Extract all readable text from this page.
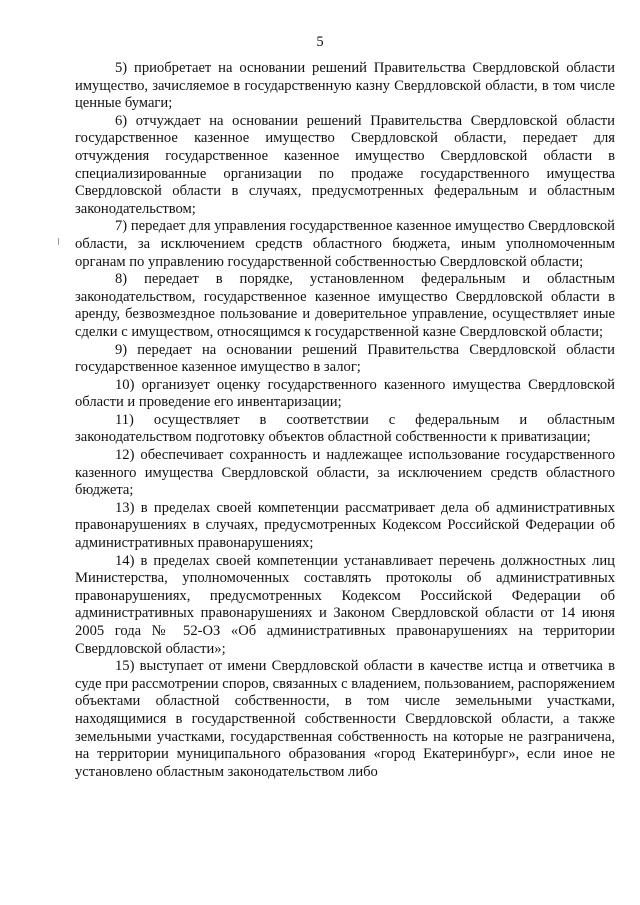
5

5) приобретает на основании решений Правительства Свердловской области имущество, зачисляемое в государственную казну Свердловской области, в том числе ценные бумаги;

6) отчуждает на основании решений Правительства Свердловской области государственное казенное имущество Свердловской области, передает для отчуждения государственное казенное имущество Свердловской области в специализированные организации по продаже государственного имущества Свердловской области в случаях, предусмотренных федеральным и областным законодательством;

7) передает для управления государственное казенное имущество Свердловской области, за исключением средств областного бюджета, иным уполномоченным органам по управлению государственной собственностью Свердловской области;

8) передает в порядке, установленном федеральным и областным законодательством, государственное казенное имущество Свердловской области в аренду, безвозмездное пользование и доверительное управление, осуществляет иные сделки с имуществом, относящимся к государственной казне Свердловской области;

9) передает на основании решений Правительства Свердловской области государственное казенное имущество в залог;

10) организует оценку государственного казенного имущества Свердловской области и проведение его инвентаризации;

11) осуществляет в соответствии с федеральным и областным законодательством подготовку объектов областной собственности к приватизации;

12) обеспечивает сохранность и надлежащее использование государственного казенного имущества Свердловской области, за исключением средств областного бюджета;

13) в пределах своей компетенции рассматривает дела об административных правонарушениях в случаях, предусмотренных Кодексом Российской Федерации об административных правонарушениях;

14) в пределах своей компетенции устанавливает перечень должностных лиц Министерства, уполномоченных составлять протоколы об административных правонарушениях, предусмотренных Кодексом Российской Федерации об административных правонарушениях и Законом Свердловской области от 14 июня 2005 года № 52-ОЗ «Об административных правонарушениях на территории Свердловской области»;

15) выступает от имени Свердловской области в качестве истца и ответчика в суде при рассмотрении споров, связанных с владением, пользованием, распоряжением объектами областной собственности, в том числе земельными участками, находящимися в государственной собственности Свердловской области, а также земельными участками, государственная собственность на которые не разграничена, на территории муниципального образования «город Екатеринбург», если иное не установлено областным законодательством либо
